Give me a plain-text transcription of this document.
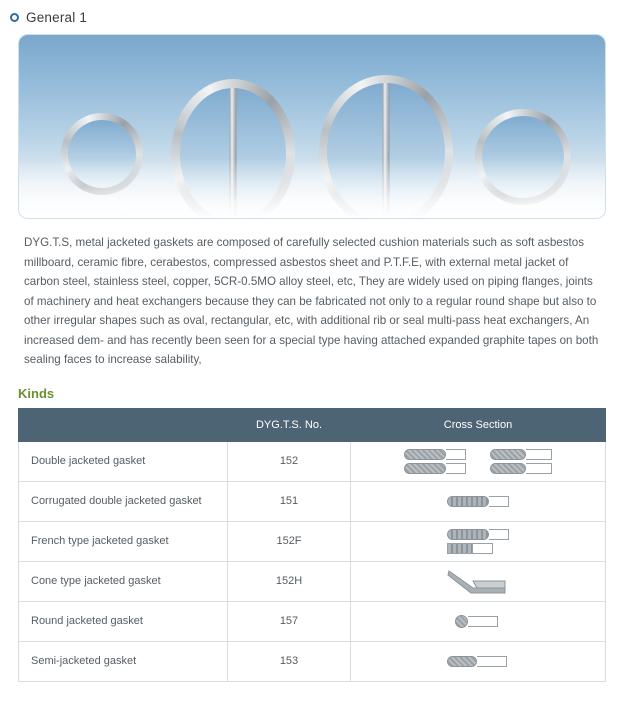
General 1

DYG.T.S, metal jacketed gaskets are composed of carefully selected cushion materials such as soft asbestos millboard, ceramic fibre, cerabestos, compressed asbestos sheet and P.T.F.E, with external metal jacket of carbon steel, stainless steel, copper, 5CR-0.5MO alloy steel, etc, They are widely used on piping flanges, joints of machinery and heat exchangers because they can be fabricated not only to a regular round shape but also to other irregular shapes such as oval, rectangular, etc, with additional rib or seal multi-pass heat exchangers, An increased dem- and has recently been seen for a special type having attached expanded graphite tapes on both sealing faces to increase salability,

Kinds
	DYG.T.S. No.	Cross Section
Double jacketed gasket	152	

Corrugated double jacketed gasket	151	

French type jacketed gasket	152F	

Cone type jacketed gasket	152H	

Round jacketed gasket	157	

Semi-jacketed gasket	153	
